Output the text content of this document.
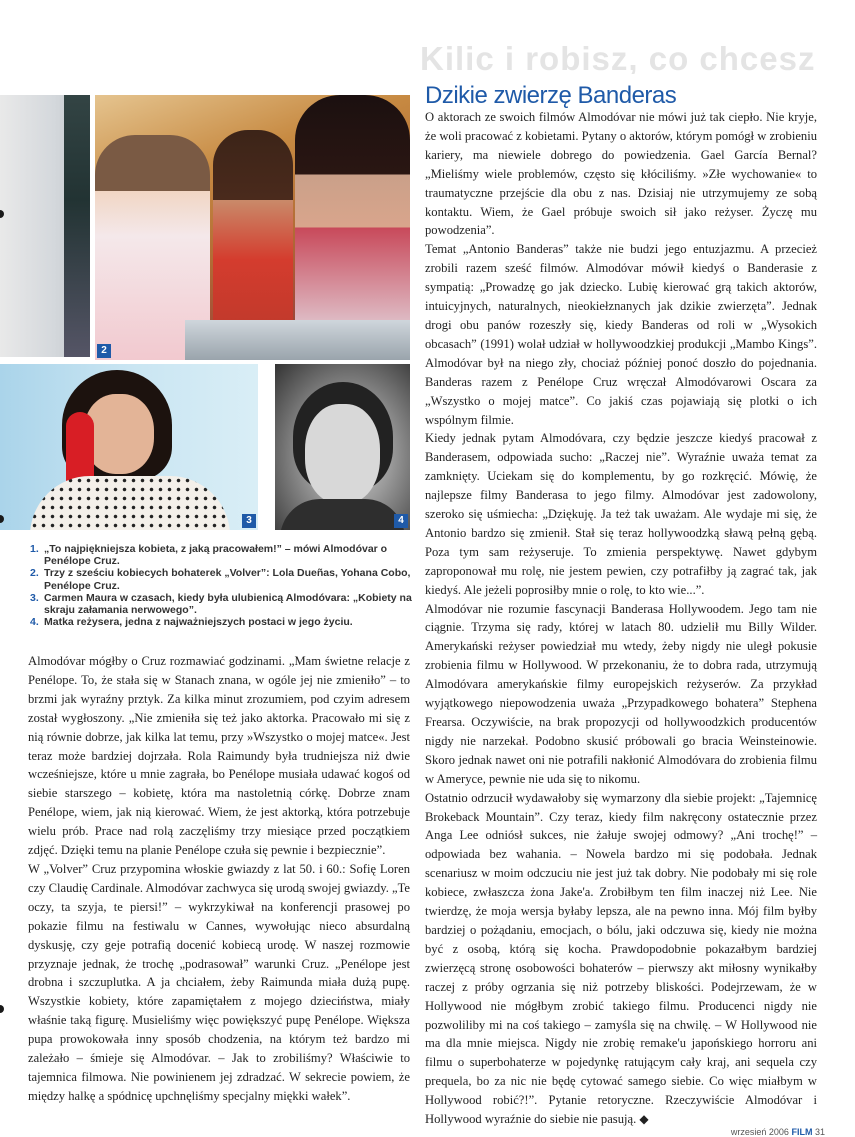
Kilic i robisz, co chcesz
2
3	4
1. „To najpiękniejsza kobieta, z jaką pracowałem!” – mówi Almodóvar o Penélope Cruz.
2. Trzy z sześciu kobiecych bohaterek „Volver”: Lola Dueñas, Yohana Cobo, Penélope Cruz.
3. Carmen Maura w czasach, kiedy była ulubienicą Almodóvara: „Kobiety na skraju załamania nerwowego”.
4. Matka reżysera, jedna z najważniejszych postaci w jego życiu.
Dzikie zwierzę Banderas

O aktorach ze swoich filmów Almodóvar nie mówi już tak ciepło. Nie kryje, że woli pracować z kobietami. Pytany o aktorów, którym pomógł w zrobieniu kariery, ma niewiele dobrego do powiedzenia. Gael García Bernal? „Mieliśmy wiele problemów, często się kłóciliśmy. »Złe wychowanie« to traumatyczne przejście dla obu z nas. Dzisiaj nie utrzymujemy ze sobą kontaktu. Wiem, że Gael próbuje swoich sił jako reżyser. Życzę mu powodzenia”.

Temat „Antonio Banderas” także nie budzi jego entuzjazmu. A przecież zrobili razem sześć filmów. Almodóvar mówił kiedyś o Banderasie z sympatią: „Prowadzę go jak dziecko. Lubię kierować grą takich aktorów, intuicyjnych, naturalnych, nieokiełznanych jak dzikie zwierzęta”. Jednak drogi obu panów rozeszły się, kiedy Banderas od roli w „Wysokich obcasach” (1991) wolał udział w hollywoodzkiej produkcji „Mambo Kings”. Almodóvar był na niego zły, chociaż później ponoć doszło do pojednania. Banderas razem z Penélope Cruz wręczał Almodóvarowi Oscara za „Wszystko o mojej matce”. Co jakiś czas pojawiają się plotki o ich wspólnym filmie.

Kiedy jednak pytam Almodóvara, czy będzie jeszcze kiedyś pracował z Banderasem, odpowiada sucho: „Raczej nie”. Wyraźnie uważa temat za zamknięty. Uciekam się do komplementu, by go rozkręcić. Mówię, że najlepsze filmy Banderasa to jego filmy. Almodóvar jest zadowolony, szeroko się uśmiecha: „Dziękuję. Ja też tak uważam. Ale wydaje mi się, że Antonio bardzo się zmienił. Stał się teraz hollywoodzką sławą pełną gębą. Poza tym sam reżyseruje. To zmienia perspektywę. Nawet gdybym zaproponował mu rolę, nie jestem pewien, czy potrafiłby ją zagrać tak, jak kiedyś. Ale jeżeli poprosiłby mnie o rolę, to kto wie...”.

Almodóvar nie rozumie fascynacji Banderasa Hollywoodem. Jego tam nie ciągnie. Trzyma się rady, której w latach 80. udzielił mu Billy Wilder. Amerykański reżyser powiedział mu wtedy, żeby nigdy nie uległ pokusie zrobienia filmu w Hollywood. W przekonaniu, że to dobra rada, utrzymują Almodóvara amerykańskie filmy europejskich reżyserów. Za przykład wyjątkowego niepowodzenia uważa „Przypadkowego bohatera” Stephena Frearsa. Oczywiście, na brak propozycji od hollywoodzkich producentów nigdy nie narzekał. Podobno skusić próbowali go bracia Weinsteinowie. Skoro jednak nawet oni nie potrafili nakłonić Almodóvara do zrobienia filmu w Ameryce, pewnie nie uda się to nikomu.

Ostatnio odrzucił wydawałoby się wymarzony dla siebie projekt: „Tajemnicę Brokeback Mountain”. Czy teraz, kiedy film nakręcony ostatecznie przez Anga Lee odniósł sukces, nie żałuje swojej odmowy? „Ani trochę!” – odpowiada bez wahania. – Nowela bardzo mi się podobała. Jednak scenariusz w moim odczuciu nie jest już tak dobry. Nie podobały mi się role kobiece, zwłaszcza żona Jake'a. Zrobiłbym ten film inaczej niż Lee. Nie twierdzę, że moja wersja byłaby lepsza, ale na pewno inna. Mój film byłby bardziej o pożądaniu, emocjach, o bólu, jaki odczuwa się, kiedy nie można być z osobą, którą się kocha. Prawdopodobnie pokazałbym bardziej zwierzęcą stronę osobowości bohaterów – pierwszy akt miłosny wynikałby raczej z próby ogrzania się niż potrzeby bliskości. Podejrzewam, że w Hollywood nie mógłbym zrobić takiego filmu. Producenci nigdy nie pozwoliliby mi na coś takiego – zamyśla się na chwilę. – W Hollywood nie ma dla mnie miejsca. Nigdy nie zrobię remake'u japońskiego horroru ani filmu o superbohaterze w pojedynkę ratującym cały kraj, ani sequela czy prequela, bo za nic nie będę cytować samego siebie. Co więc miałbym w Hollywood robić?!”. Pytanie retoryczne. Rzeczywiście Almodóvar i Hollywood wyraźnie do siebie nie pasują. ◆

Almodóvar mógłby o Cruz rozmawiać godzinami. „Mam świetne relacje z Penélope. To, że stała się w Stanach znana, w ogóle jej nie zmieniło” – to brzmi jak wyraźny prztyk. Za kilka minut zrozumiem, pod czyim adresem został wygłoszony. „Nie zmieniła się też jako aktorka. Pracowało mi się z nią równie dobrze, jak kilka lat temu, przy »Wszystko o mojej matce«. Jest teraz może bardziej dojrzała. Rola Raimundy była trudniejsza niż dwie wcześniejsze, które u mnie zagrała, bo Penélope musiała udawać kogoś od siebie starszego – kobietę, która ma nastoletnią córkę. Dobrze znam Penélope, wiem, jak nią kierować. Wiem, że jest aktorką, która potrzebuje wielu prób. Prace nad rolą zaczęliśmy trzy miesiące przed początkiem zdjęć. Dzięki temu na planie Penélope czuła się pewnie i bezpiecznie”.

W „Volver” Cruz przypomina włoskie gwiazdy z lat 50. i 60.: Sofię Loren czy Claudię Cardinale. Almodóvar zachwyca się urodą swojej gwiazdy. „Te oczy, ta szyja, te piersi!” – wykrzykiwał na konferencji prasowej po pokazie filmu na festiwalu w Cannes, wywołując nieco absurdalną dyskusję, czy geje potrafią docenić kobiecą urodę. W naszej rozmowie przyznaje jednak, że trochę „podrasował” warunki Cruz. „Penélope jest drobna i szczuplutka. A ja chciałem, żeby Raimunda miała dużą pupę. Wszystkie kobiety, które zapamiętałem z mojego dzieciństwa, miały właśnie taką figurę. Musieliśmy więc powiększyć pupę Penélope. Większa pupa prowokowała inny sposób chodzenia, na którym też bardzo mi zależało – śmieje się Almodóvar. – Jak to zrobiliśmy? Właściwie to tajemnica filmowa. Nie powinienem jej zdradzać. W sekrecie powiem, że między halkę a spódnicę upchnęliśmy specjalny miękki wałek”.

wrzesień 2006 FILM 31
